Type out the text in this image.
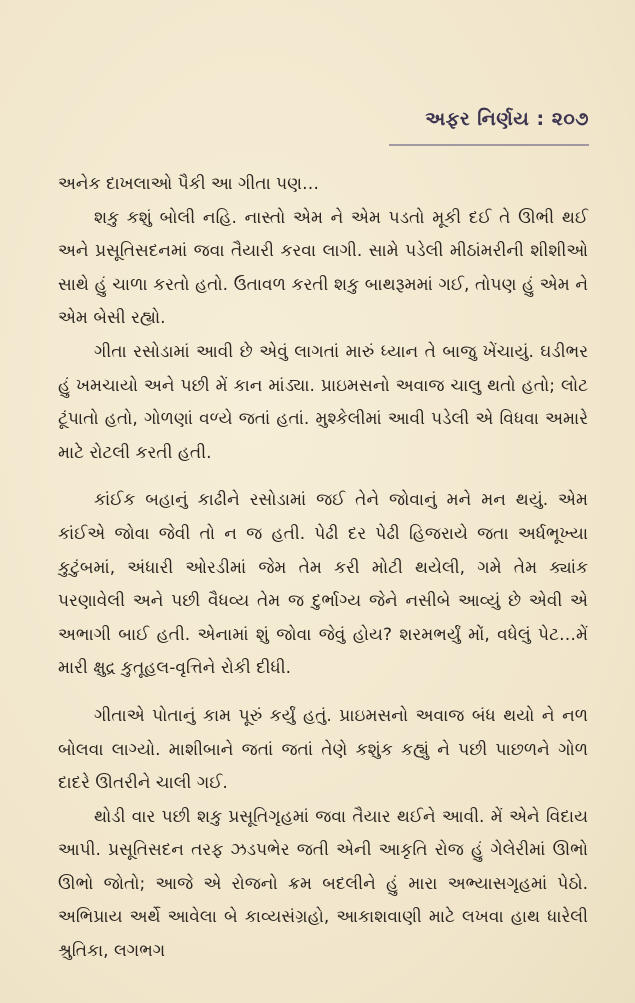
અફર નિર્ણય : ૨૦૭

અનેક દાખલાઓ પૈકી આ ગીતા પણ…

શકુ કશું બોલી નહિ. નાસ્તો એમ ને એમ પડતો મૂકી દઈ તે ઊભી થઈ અને પ્રસૂતિસદનમાં જવા તૈયારી કરવા લાગી. સામે પડેલી મીઠાંમરીની શીશીઓ સાથે હું ચાળા કરતો હતો. ઉતાવળ કરતી શકુ બાથરૂમમાં ગઈ, તોપણ હું એમ ને એમ બેસી રહ્યો.

ગીતા રસોડામાં આવી છે એવું લાગતાં મારું ધ્યાન તે બાજુ ખેંચાયું. ઘડીભર હું ખમચાયો અને પછી મેં કાન માંડ્યા. પ્રાઇમસનો અવાજ ચાલુ થતો હતો; લોટ ટૂંપાતો હતો, ગોળણાં વળ્યે જતાં હતાં. મુશ્કેલીમાં આવી પડેલી એ વિધવા અમારે માટે રોટલી કરતી હતી.

કાંઈક બહાનું કાઢીને રસોડામાં જઈ તેને જોવાનું મને મન થયું. એમ કાંઈએ જોવા જેવી તો ન જ હતી. પેઢી દર પેઢી હિજરાયે જતા અર્ધભૂખ્યા કુટુંબમાં, અંધારી ઓરડીમાં જેમ તેમ કરી મોટી થયેલી, ગમે તેમ ક્યાંક પરણાવેલી અને પછી વૈધવ્ય તેમ જ દુર્ભાગ્ય જેને નસીબે આવ્યું છે એવી એ અભાગી બાઈ હતી. એનામાં શું જોવા જેવું હોય? શરમભર્યું મોં, વધેલું પેટ…મેં મારી ક્ષુદ્ર કુતૂહલ-વૃત્તિને રોકી દીધી.

ગીતાએ પોતાનું કામ પૂરું કર્યું હતું. પ્રાઇમસનો અવાજ બંધ થયો ને નળ બોલવા લાગ્યો. માશીબાને જતાં જતાં તેણે કશુંક કહ્યું ને પછી પાછળને ગોળ દાદરે ઊતરીને ચાલી ગઈ.

થોડી વાર પછી શકુ પ્રસૂતિગૃહમાં જવા તૈયાર થઈને આવી. મેં એને વિદાય આપી. પ્રસૂતિસદન તરફ ઝડપભેર જતી એની આકૃતિ રોજ હું ગેલેરીમાં ઊભો ઊભો જોતો; આજે એ રોજનો ક્રમ બદલીને હું મારા અભ્યાસગૃહમાં પેઠો. અભિપ્રાય અર્થે આવેલા બે કાવ્યસંગ્રહો, આકાશવાણી માટે લખવા હાથ ધારેલી શ્રુતિકા, લગભગ
